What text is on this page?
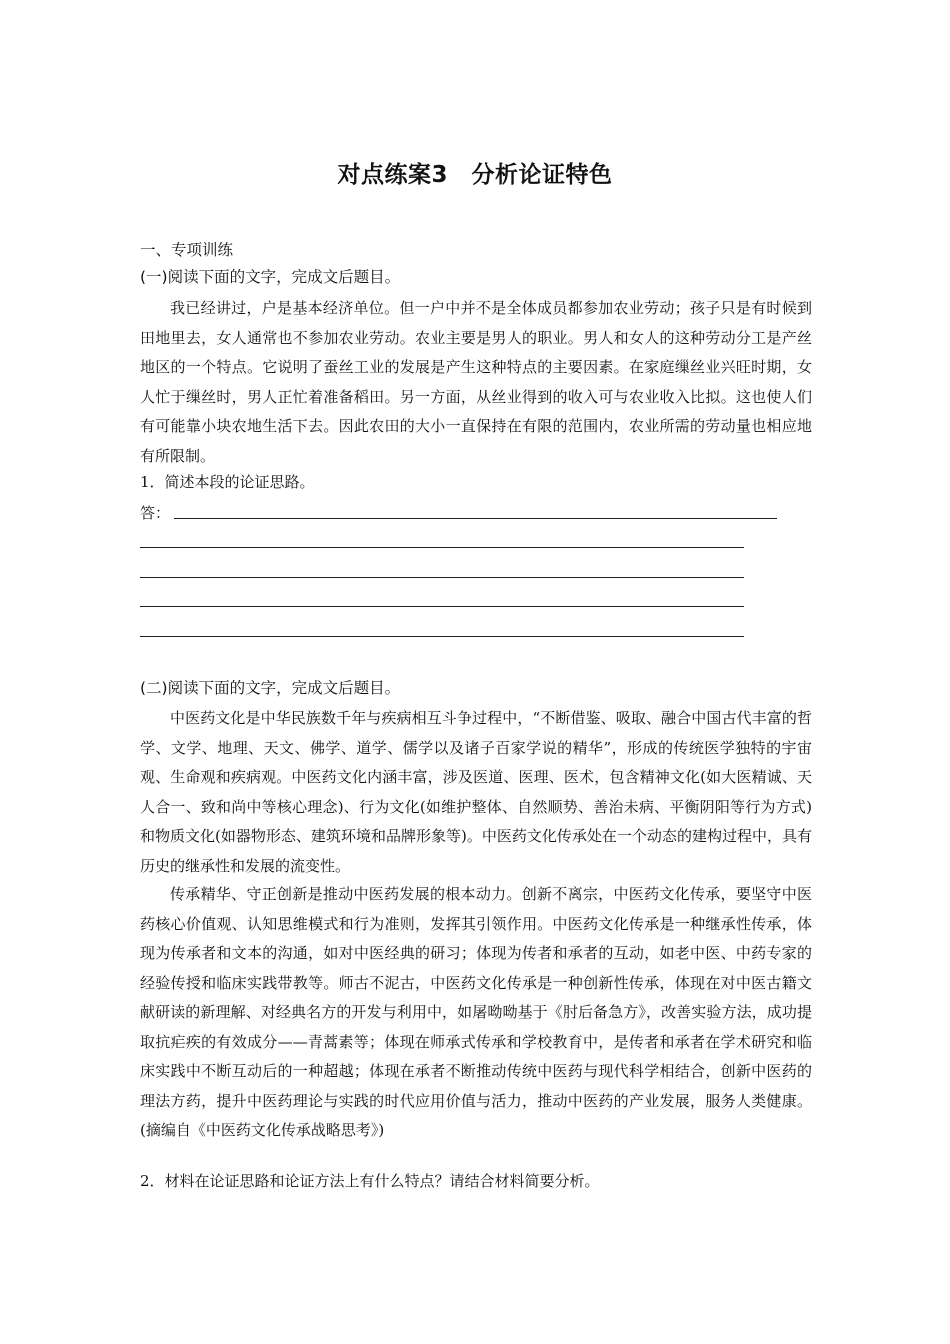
对点练案3　分析论证特色
一、专项训练
(一)阅读下面的文字，完成文后题目。
我已经讲过，户是基本经济单位。但一户中并不是全体成员都参加农业劳动；孩子只是有时候到田地里去，女人通常也不参加农业劳动。农业主要是男人的职业。男人和女人的这种劳动分工是产丝地区的一个特点。它说明了蚕丝工业的发展是产生这种特点的主要因素。在家庭缫丝业兴旺时期，女人忙于缫丝时，男人正忙着准备稻田。另一方面，从丝业得到的收入可与农业收入比拟。这也使人们有可能靠小块农地生活下去。因此农田的大小一直保持在有限的范围内，农业所需的劳动量也相应地有所限制。
1．简述本段的论证思路。
答：
(二)阅读下面的文字，完成文后题目。
中医药文化是中华民族数千年与疾病相互斗争过程中，“不断借鉴、吸取、融合中国古代丰富的哲学、文学、地理、天文、佛学、道学、儒学以及诸子百家学说的精华”，形成的传统医学独特的宇宙观、生命观和疾病观。中医药文化内涵丰富，涉及医道、医理、医术，包含精神文化(如大医精诚、天人合一、致和尚中等核心理念)、行为文化(如维护整体、自然顺势、善治未病、平衡阴阳等行为方式)和物质文化(如器物形态、建筑环境和品牌形象等)。中医药文化传承处在一个动态的建构过程中，具有历史的继承性和发展的流变性。
传承精华、守正创新是推动中医药发展的根本动力。创新不离宗，中医药文化传承，要坚守中医药核心价值观、认知思维模式和行为准则，发挥其引领作用。中医药文化传承是一种继承性传承，体现为传承者和文本的沟通，如对中医经典的研习；体现为传者和承者的互动，如老中医、中药专家的经验传授和临床实践带教等。师古不泥古，中医药文化传承是一种创新性传承，体现在对中医古籍文献研读的新理解、对经典名方的开发与利用中，如屠呦呦基于《肘后备急方》，改善实验方法，成功提取抗疟疾的有效成分——青蒿素等；体现在师承式传承和学校教育中，是传者和承者在学术研究和临床实践中不断互动后的一种超越；体现在承者不断推动传统中医药与现代科学相结合，创新中医药的理法方药，提升中医药理论与实践的时代应用价值与活力，推动中医药的产业发展，服务人类健康。(摘编自《中医药文化传承战略思考》)
2．材料在论证思路和论证方法上有什么特点？请结合材料简要分析。
